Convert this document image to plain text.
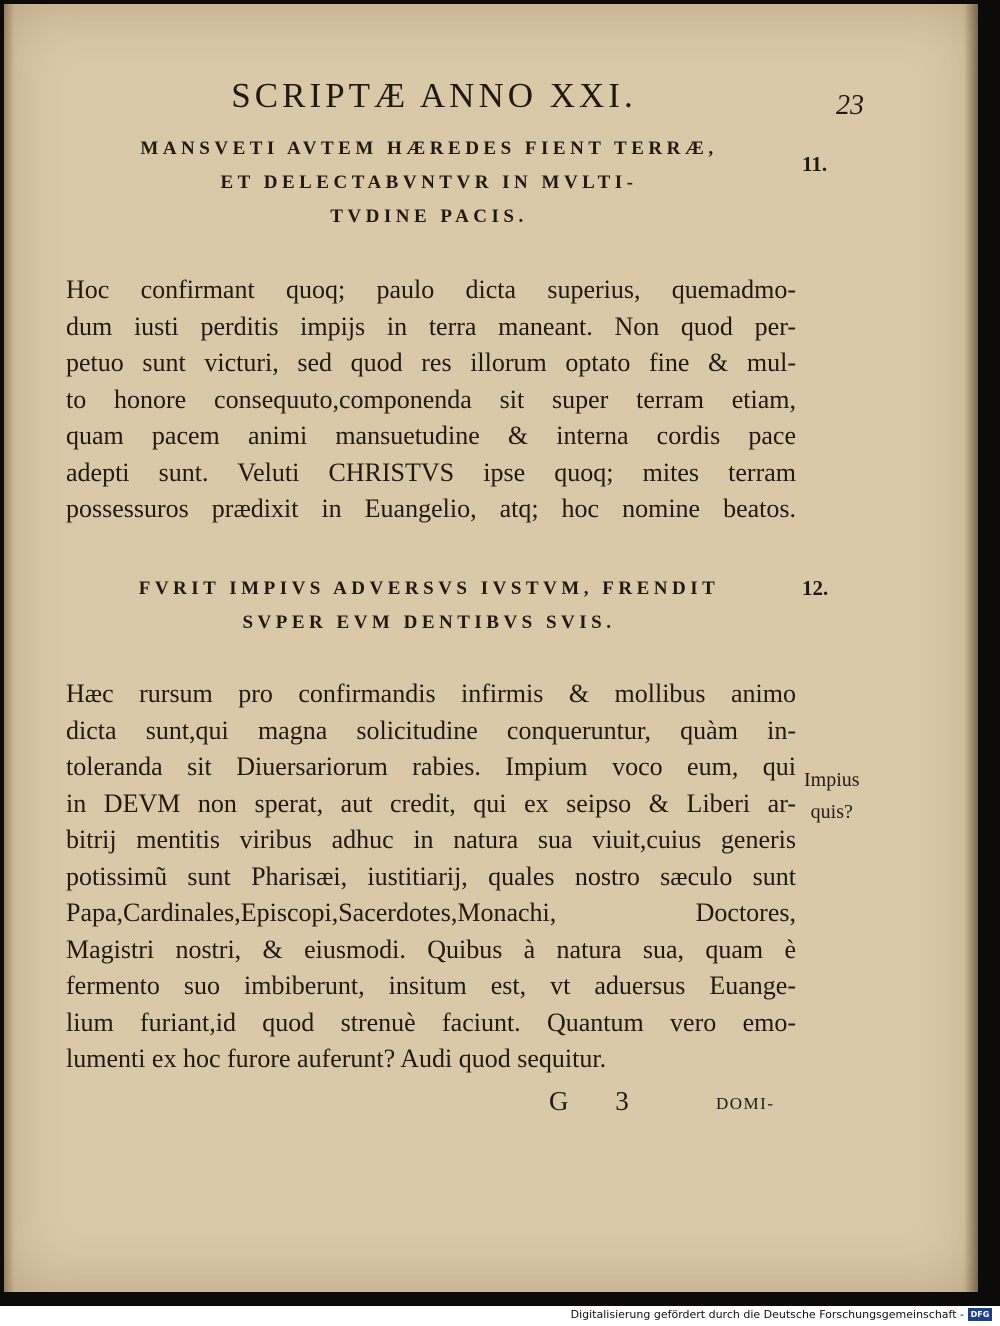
SCRIPTÆ ANNO XXI.	23
MANSVETI AVTEM HÆREDES FIENT TERRÆ,
ET DELECTABVNTVR IN MVLTI-
TVDINE PACIS.
11.
Hoc confirmant quoq; paulo dicta superius, quemadmo-
dum iusti perditis impijs in terra maneant. Non quod per-
petuo sunt victuri, sed quod res illorum optato fine & mul-
to honore consequuto,componenda sit super terram etiam,
quam pacem animi mansuetudine & interna cordis pace
adepti sunt. Veluti CHRISTVS ipse quoq; mites terram
possessuros prædixit in Euangelio, atq; hoc nomine beatos.
FVRIT IMPIVS ADVERSVS IVSTVM, FRENDIT
SVPER EVM DENTIBVS SVIS.
12.
Hæc rursum pro confirmandis infirmis & mollibus animo
dicta sunt,qui magna solicitudine conqueruntur, quàm in-
toleranda sit Diuersariorum rabies. Impium voco eum, qui
in DEVM non sperat, aut credit, qui ex seipso & Liberi ar-
bitrij mentitis viribus adhuc in natura sua viuit,cuius generis
potissimũ sunt Pharisæi, iustitiarij, quales nostro sæculo sunt
Papa,Cardinales,Episcopi,Sacerdotes,Monachi, Doctores,
Magistri nostri, & eiusmodi. Quibus à natura sua, quam è
fermento suo imbiberunt, insitum est, vt aduersus Euange-
lium furiant,id quod strenuè faciunt. Quantum vero emo-
lumenti ex hoc furore auferunt? Audi quod sequitur.
Impius
quis?
G 3	DOMI-
Digitalisierung gefördert durch die Deutsche Forschungsgemeinschaft - DFG
